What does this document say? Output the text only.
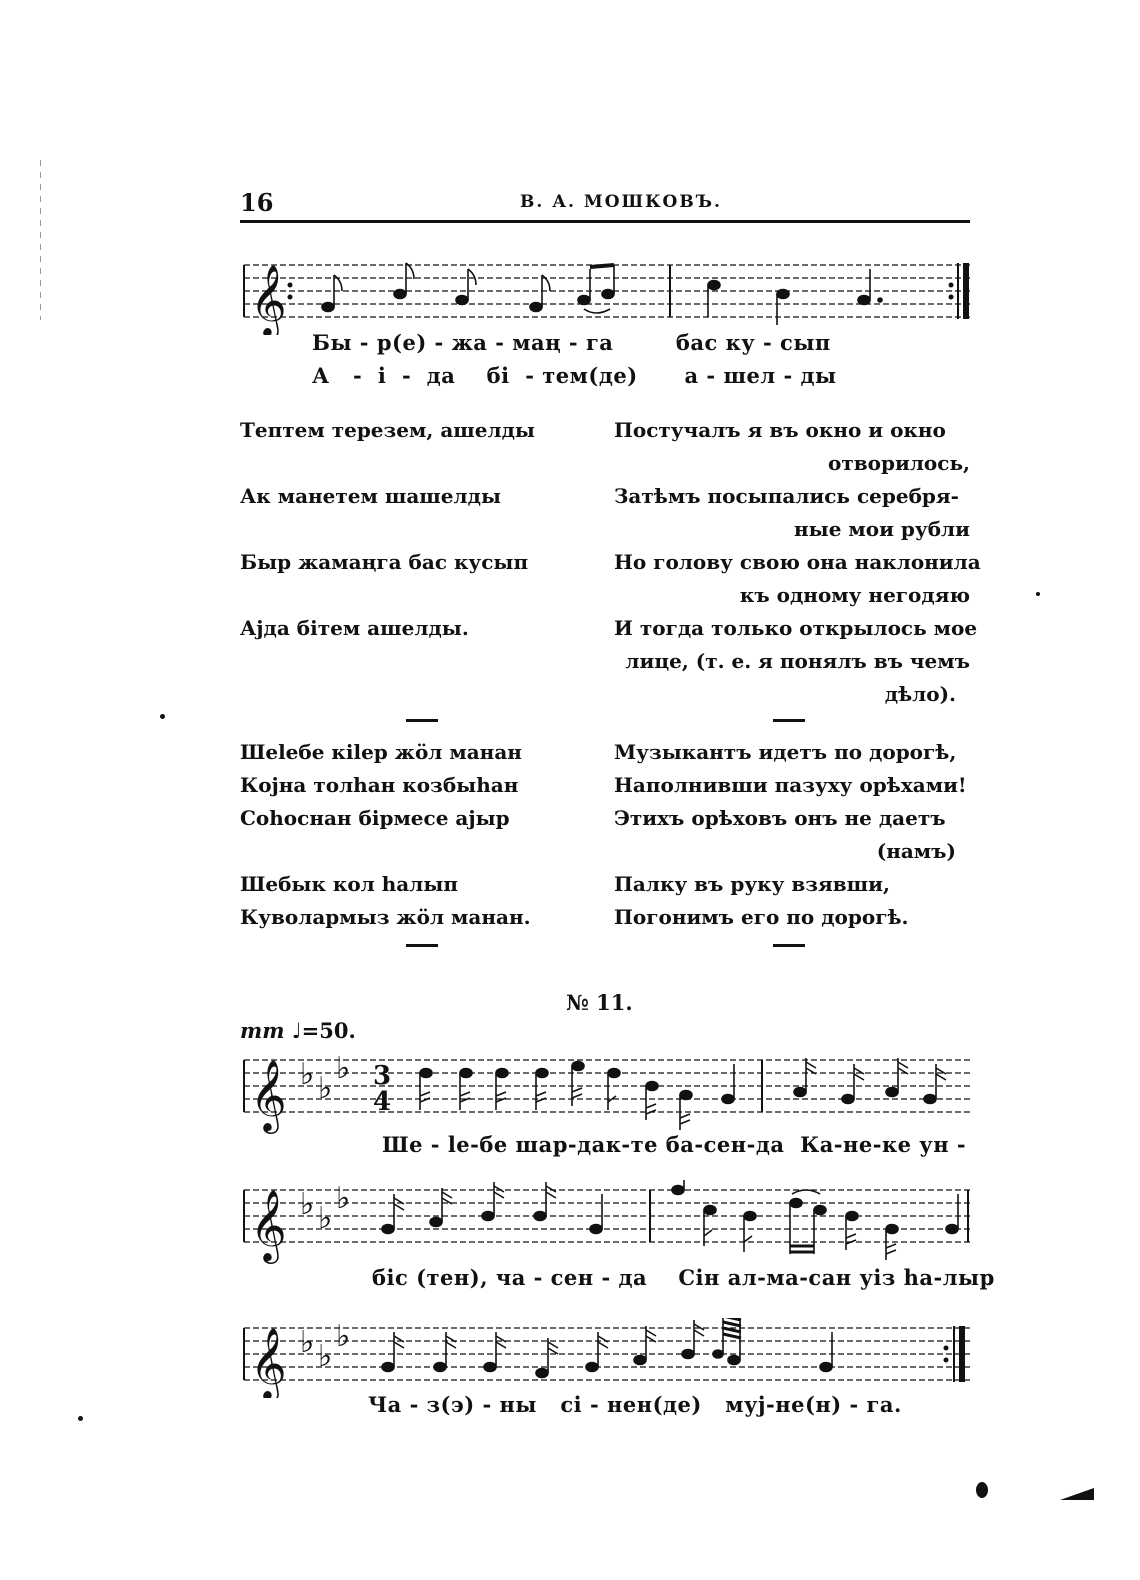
16	В. А. МОШКОВЪ.
𝄞
Бы - р(е) - жа - маң - га        бас ку - сып
А   -  і  -  да    бі  - тем(де)      а - шел - ды
Тептем терезем, ашелды
Ак манетем шашелды
Быр жамаңга бас кусып
Аjда бітем ашелды.
Постучалъ я въ окно и окно
отворилось,
Затѣмъ посыпались серебря-
ные мои рубли
Но голову свою она наклонила
къ одному негодяю
И тогда только открылось мое
лице, (т. е. я понялъ въ чемъ
дѣло).
Шеlебе кіlер жöл манан
Коjна толhан козбыhан
Соhоснан бірмесе аjыр
Музыкантъ идетъ по дорогѣ,
Наполнивши пазуху орѣхами!
Этихъ орѣховъ онъ не даетъ
(намъ)
Шебык кол hалып
Куволармыз жöл манан.
Палку въ руку взявши,
Погонимъ его по дорогѣ.
№ 11.
mm ♩=50.
𝄞 ♭ ♭
♭ 3
4
Ше - lе-бе шар-дак-те ба-сен-да  Ка-не-ке ун -
𝄞 ♭ ♭
♭
біс (тен), ча - сен - да    Сін ал-ма-сан уіз hа-лыр
𝄞 ♭ ♭
♭
Ча - з(э) - ны   сі - нен(де)   муj-не(н) - га.
